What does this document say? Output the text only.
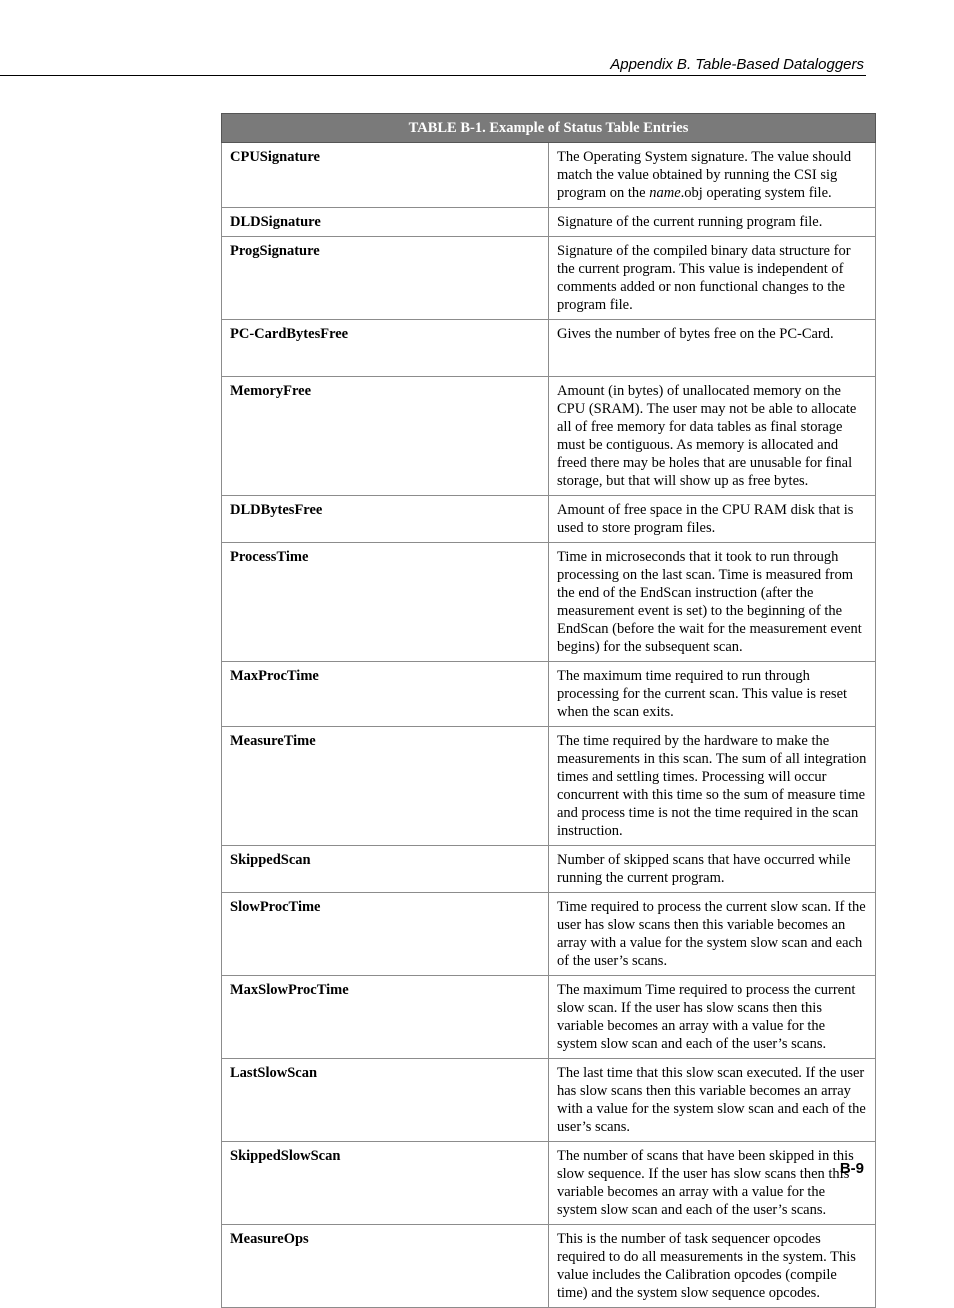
Appendix B. Table-Based Dataloggers
TABLE B-1. Example of Status Table Entries	
CPUSignature	The Operating System signature. The value should match the value obtained by running the CSI sig program on the name.obj operating system file.
DLDSignature	Signature of the current running program file.
ProgSignature	Signature of the compiled binary data structure for the current program. This value is independent of comments added or non functional changes to the program file.
PC-CardBytesFree	Gives the number of bytes free on the PC-Card.
MemoryFree	Amount (in bytes) of unallocated memory on the CPU (SRAM). The user may not be able to allocate all of free memory for data tables as final storage must be contiguous. As memory is allocated and freed there may be holes that are unusable for final storage, but that will show up as free bytes.
DLDBytesFree	Amount of free space in the CPU RAM disk that is used to store program files.
ProcessTime	Time in microseconds that it took to run through processing on the last scan. Time is measured from the end of the EndScan instruction (after the measurement event is set) to the beginning of the EndScan (before the wait for the measurement event begins) for the subsequent scan.
MaxProcTime	The maximum time required to run through processing for the current scan. This value is reset when the scan exits.
MeasureTime	The time required by the hardware to make the measurements in this scan. The sum of all integration times and settling times. Processing will occur concurrent with this time so the sum of measure time and process time is not the time required in the scan instruction.
SkippedScan	Number of skipped scans that have occurred while running the current program.
SlowProcTime	Time required to process the current slow scan. If the user has slow scans then this variable becomes an array with a value for the system slow scan and each of the user’s scans.
MaxSlowProcTime	The maximum Time required to process the current slow scan. If the user has slow scans then this variable becomes an array with a value for the system slow scan and each of the user’s scans.
LastSlowScan	The last time that this slow scan executed. If the user has slow scans then this variable becomes an array with a value for the system slow scan and each of the user’s scans.
SkippedSlowScan	The number of scans that have been skipped in this slow sequence. If the user has slow scans then this variable becomes an array with a value for the system slow scan and each of the user’s scans.
MeasureOps	This is the number of task sequencer opcodes required to do all measurements in the system. This value includes the Calibration opcodes (compile time) and the system slow sequence opcodes.
B-9
